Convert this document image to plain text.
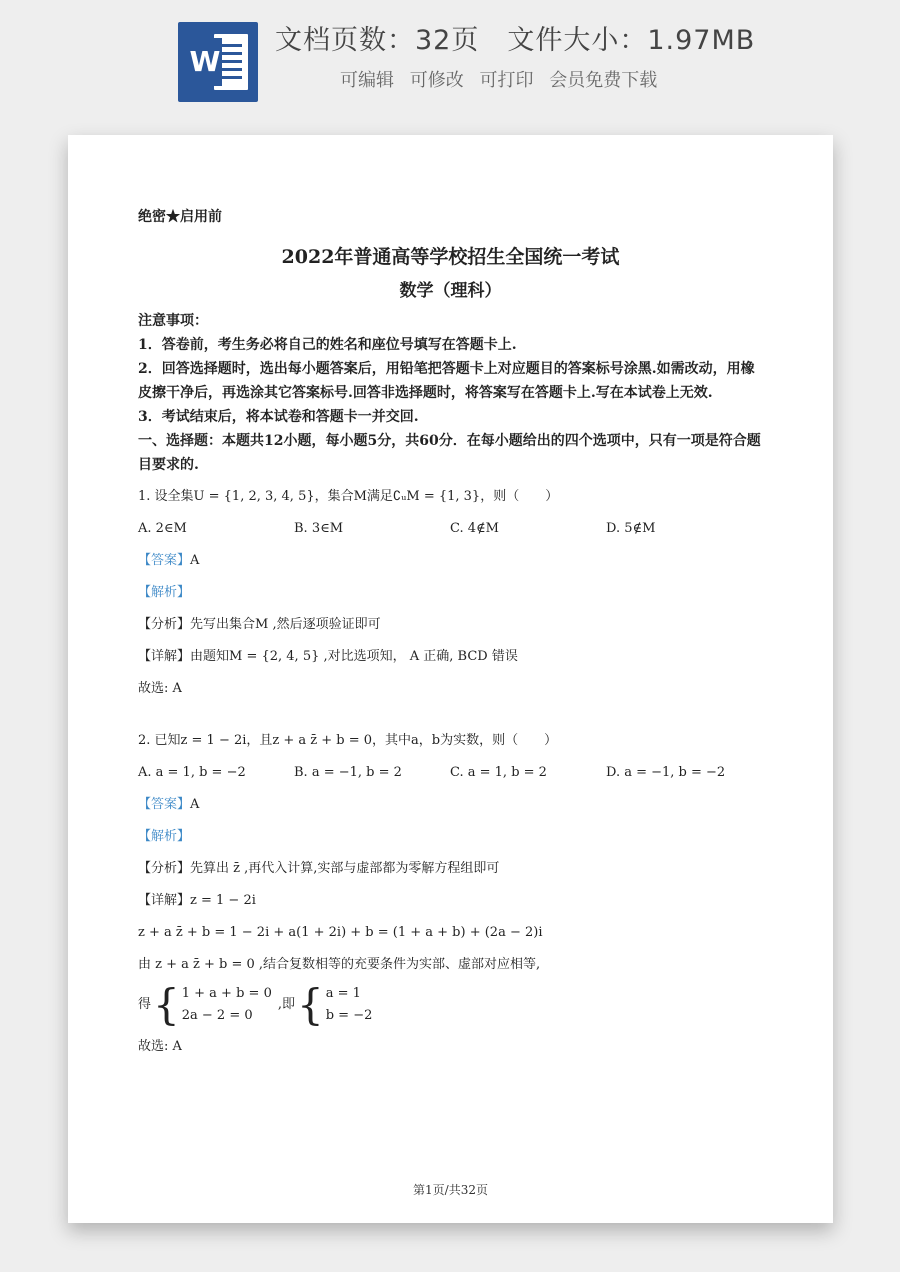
W
文档页数：32页 文件大小：1.97MB
可编辑 可修改 可打印 会员免费下载
绝密★启用前
2022年普通高等学校招生全国统一考试
数学（理科）
注意事项：
1．答卷前，考生务必将自己的姓名和座位号填写在答题卡上.
2．回答选择题时，选出每小题答案后，用铅笔把答题卡上对应题目的答案标号涂黑.如需改动，用橡皮擦干净后，再选涂其它答案标号.回答非选择题时，将答案写在答题卡上.写在本试卷上无效.
3．考试结束后，将本试卷和答题卡一并交回.
一、选择题：本题共12小题，每小题5分，共60分．在每小题给出的四个选项中，只有一项是符合题目要求的.
1. 设全集U = {1, 2, 3, 4, 5}，集合M满足∁ᵤM = {1, 3}，则（　　）
A. 2∈M	B. 3∈M	C. 4∉M	D. 5∉M
【答案】A
【解析】
【分析】先写出集合M ,然后逐项验证即可
【详解】由题知M = {2, 4, 5} ,对比选项知， A 正确, BCD 错误
故选: A
2. 已知z = 1 − 2i，且z + a z̄ + b = 0，其中a，b为实数，则（　　）
A. a = 1, b = −2	B. a = −1, b = 2	C. a = 1, b = 2	D. a = −1, b = −2
【答案】A
【解析】
【分析】先算出 z̄ ,再代入计算,实部与虚部都为零解方程组即可
【详解】z = 1 − 2i
z + a z̄ + b = 1 − 2i + a(1 + 2i) + b = (1 + a + b) + (2a − 2)i
由 z + a z̄ + b = 0 ,结合复数相等的充要条件为实部、虚部对应相等,
得 { 1 + a + b = 0
2a − 2 = 0
,即 { a = 1
b = −2
故选: A
第1页/共32页
